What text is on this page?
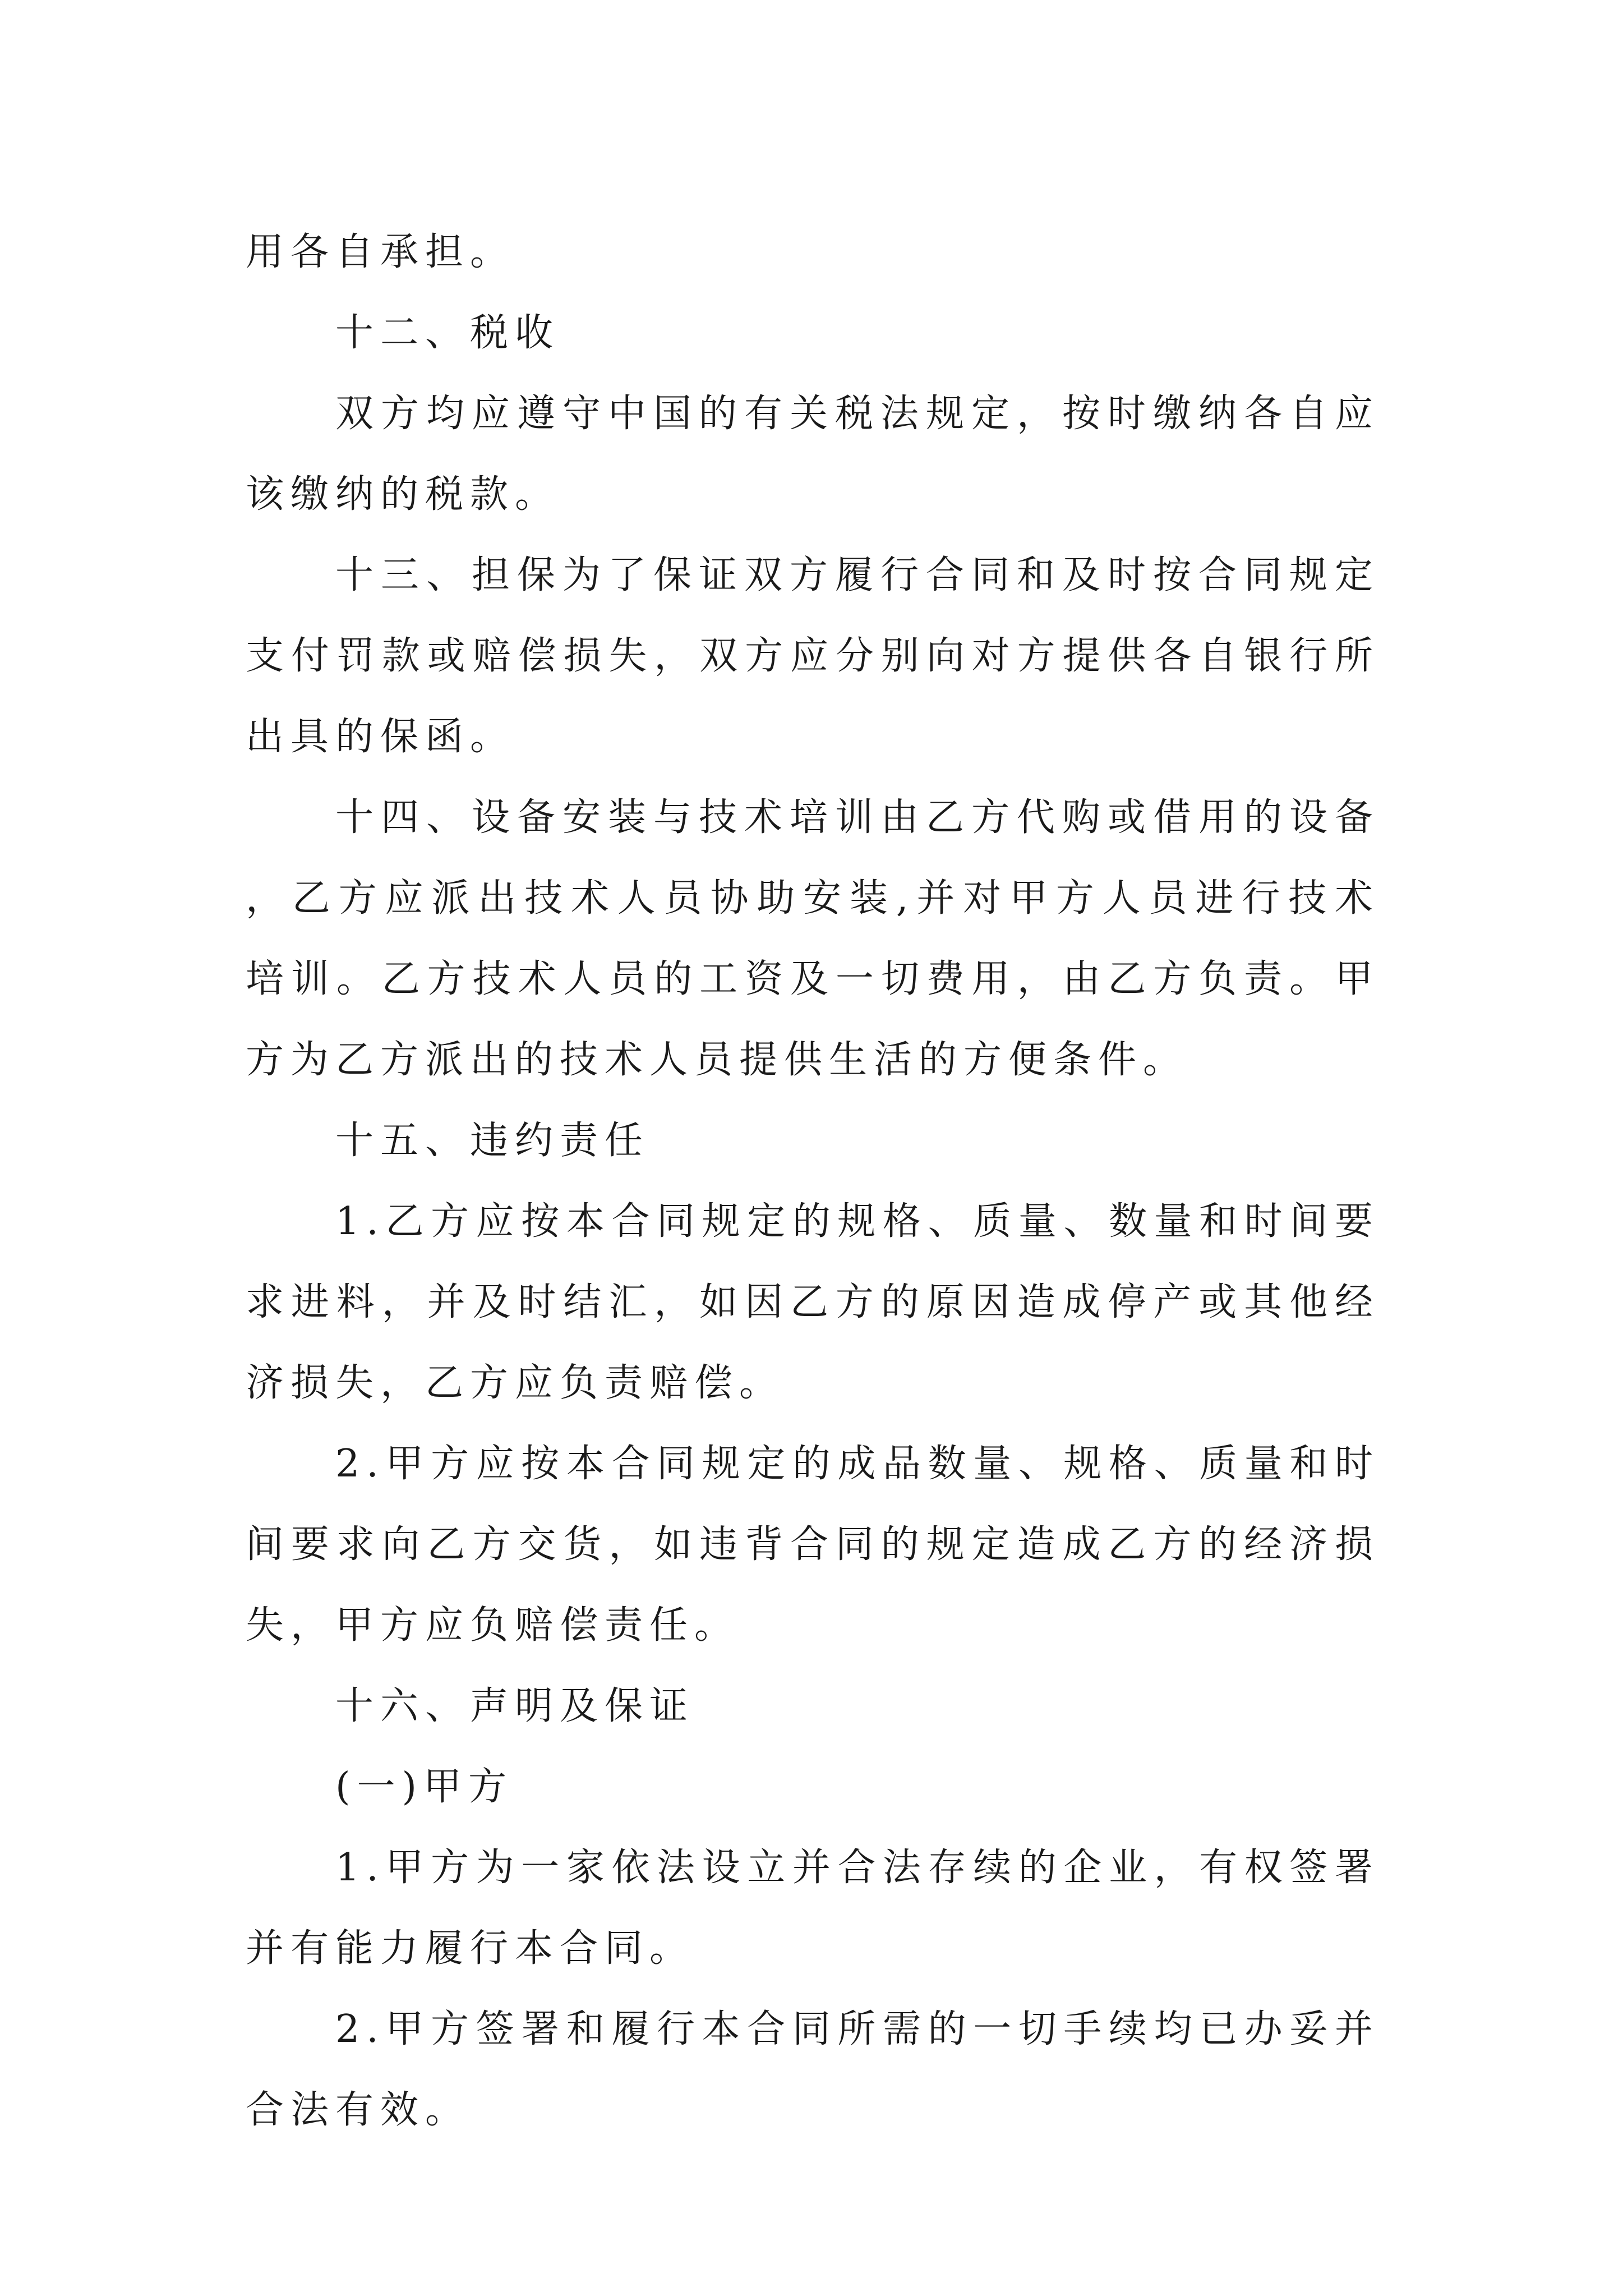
用各自承担。

十二、税收

双方均应遵守中国的有关税法规定，按时缴纳各自应该缴纳的税款。

十三、担保为了保证双方履行合同和及时按合同规定支付罚款或赔偿损失，双方应分别向对方提供各自银行所出具的保函。

十四、设备安装与技术培训由乙方代购或借用的设备，乙方应派出技术人员协助安装,并对甲方人员进行技术培训。乙方技术人员的工资及一切费用，由乙方负责。甲方为乙方派出的技术人员提供生活的方便条件。

十五、违约责任

1.乙方应按本合同规定的规格、质量、数量和时间要求进料，并及时结汇，如因乙方的原因造成停产或其他经济损失，乙方应负责赔偿。

2.甲方应按本合同规定的成品数量、规格、质量和时间要求向乙方交货，如违背合同的规定造成乙方的经济损失，甲方应负赔偿责任。

十六、声明及保证

(一)甲方

1.甲方为一家依法设立并合法存续的企业，有权签署并有能力履行本合同。

2.甲方签署和履行本合同所需的一切手续均已办妥并合法有效。
